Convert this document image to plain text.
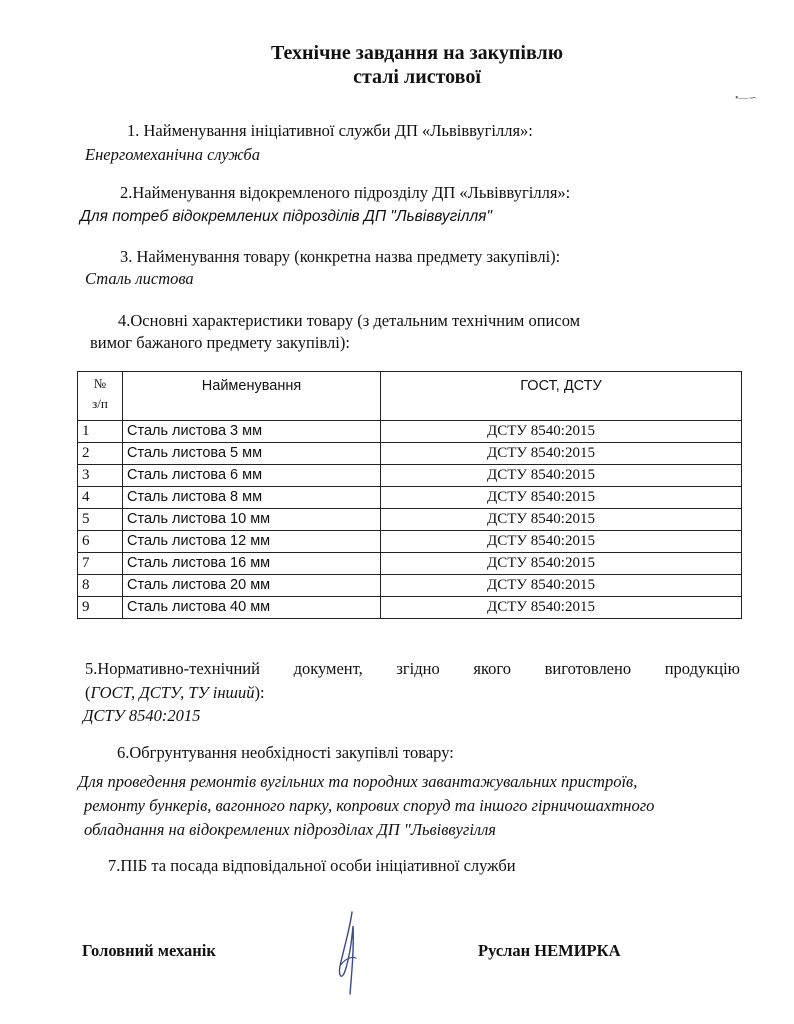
Технічне завдання на закупівлю
сталі листової
•—∽
1. Найменування ініціативної служби ДП «Львіввугілля»:
Енергомеханічна служба
2.Найменування відокремленого підрозділу ДП «Львіввугілля»:
Для потреб відокремлених підрозділів ДП "Львіввугілля"
3. Найменування товару (конкретна назва предмету закупівлі):
Сталь листова
4.Основні характеристики товару (з детальним технічним описом
вимог бажаного предмету закупівлі):
№
з/п	Найменування	ГОСТ, ДСТУ
1	Сталь листова 3 мм	ДСТУ 8540:2015
2	Сталь листова 5 мм	ДСТУ 8540:2015
3	Сталь листова 6 мм	ДСТУ 8540:2015
4	Сталь листова 8 мм	ДСТУ 8540:2015
5	Сталь листова 10 мм	ДСТУ 8540:2015
6	Сталь листова 12 мм	ДСТУ 8540:2015
7	Сталь листова 16 мм	ДСТУ 8540:2015
8	Сталь листова 20 мм	ДСТУ 8540:2015
9	Сталь листова 40 мм	ДСТУ 8540:2015
5.Нормативно-технічний документ, згідно якого виготовлено продукцію
(ГОСТ, ДСТУ, ТУ інший):
ДСТУ 8540:2015
6.Обгрунтування необхідності закупівлі товару:
Для проведення ремонтів вугільних та породних завантажувальних пристроїв,
ремонту бункерів, вагонного парку, копрових споруд та іншого гірничошахтного
обладнання на відокремлених підрозділах ДП "Львіввугілля
7.ПІБ та посада відповідальної особи ініціативної служби
Головний механік	Руслан НЕМИРКА
